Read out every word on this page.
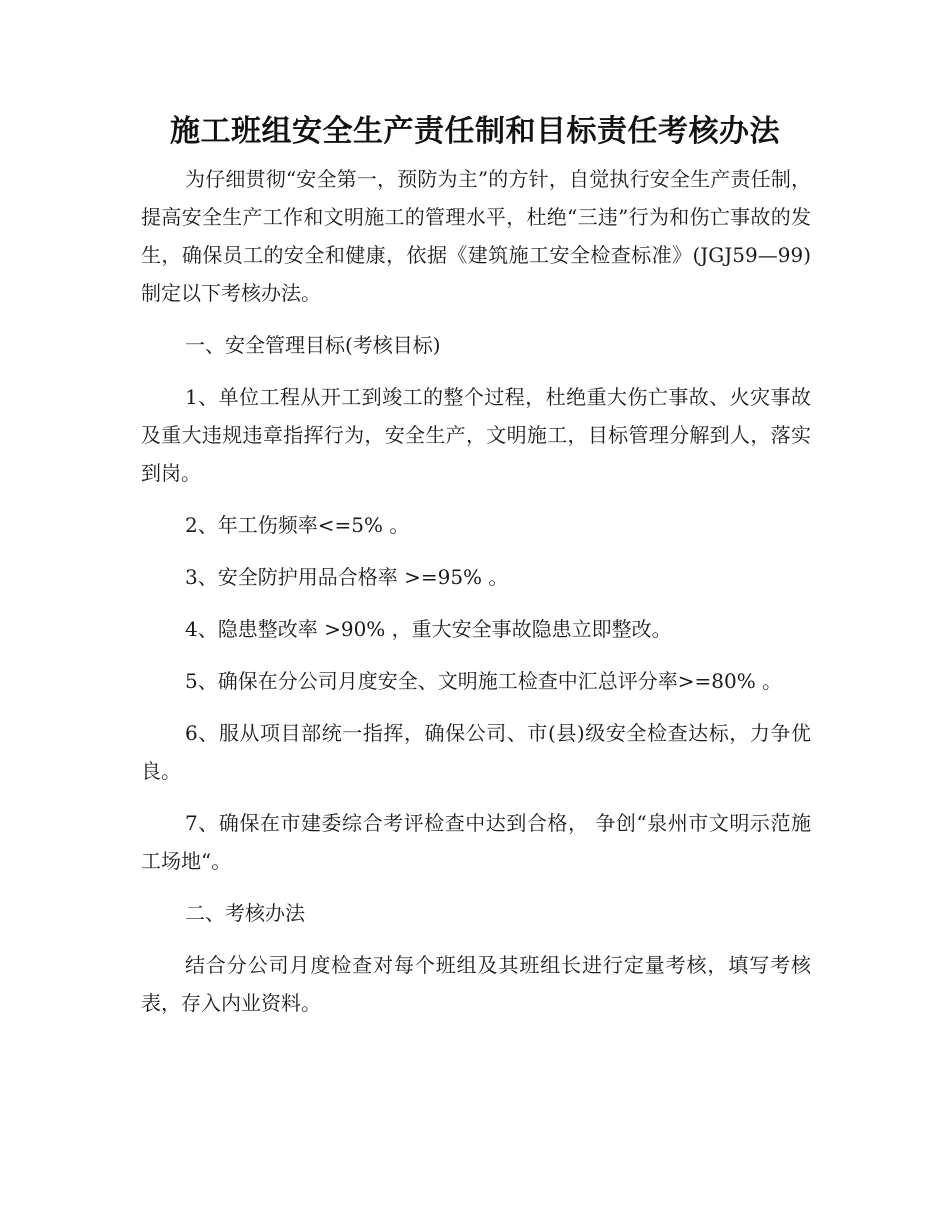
施工班组安全生产责任制和目标责任考核办法

为仔细贯彻“安全第一，预防为主”的方针，自觉执行安全生产责任制，提高安全生产工作和文明施工的管理水平，杜绝“三违”行为和伤亡事故的发生，确保员工的安全和健康，依据《建筑施工安全检查标准》(JGJ59—99)制定以下考核办法。

一、安全管理目标(考核目标)

1、单位工程从开工到竣工的整个过程，杜绝重大伤亡事故、火灾事故及重大违规违章指挥行为，安全生产，文明施工，目标管理分解到人，落实到岗。

2、年工伤频率<=5% 。

3、安全防护用品合格率 >=95% 。

4、隐患整改率 >90% ，重大安全事故隐患立即整改。

5、确保在分公司月度安全、文明施工检查中汇总评分率>=80% 。

6、服从项目部统一指挥，确保公司、市(县)级安全检查达标，力争优良。

7、确保在市建委综合考评检查中达到合格， 争创“泉州市文明示范施工场地“。

二、考核办法

结合分公司月度检查对每个班组及其班组长进行定量考核，填写考核表，存入内业资料。
